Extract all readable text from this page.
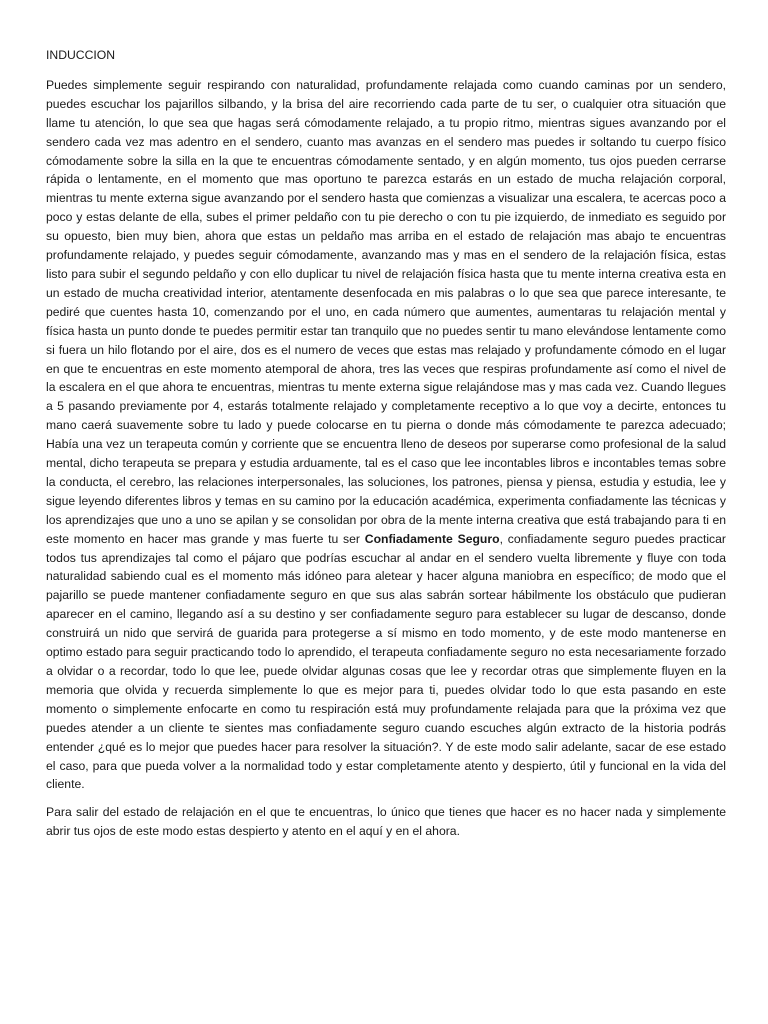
INDUCCION

Puedes simplemente seguir respirando con naturalidad, profundamente relajada como cuando caminas por un sendero, puedes escuchar los pajarillos silbando, y la brisa del aire recorriendo cada parte de tu ser, o cualquier otra situación que llame tu atención, lo que sea que hagas será cómodamente relajado, a tu propio ritmo, mientras sigues avanzando por el sendero cada vez mas adentro en el sendero, cuanto mas avanzas en el sendero mas puedes ir soltando tu cuerpo físico cómodamente sobre la silla en la que te encuentras cómodamente sentado, y en algún momento, tus ojos pueden cerrarse rápida o lentamente, en el momento que mas oportuno te parezca estarás en un estado de mucha relajación corporal, mientras tu mente externa sigue avanzando por el sendero hasta que comienzas a visualizar una escalera, te acercas poco a poco y estas delante de ella, subes el primer peldaño con tu pie derecho o con tu pie izquierdo, de inmediato es seguido por su opuesto, bien muy bien, ahora que estas un peldaño mas arriba en el estado de relajación mas abajo te encuentras profundamente relajado, y puedes seguir cómodamente, avanzando mas y mas en el sendero de la relajación física, estas listo para subir el segundo peldaño y con ello duplicar tu nivel de relajación física hasta que tu mente interna creativa esta en un estado de mucha creatividad interior, atentamente desenfocada en mis palabras o lo que sea que parece interesante, te pediré que cuentes hasta 10, comenzando por el uno, en cada número que aumentes, aumentaras tu relajación mental y física hasta un punto donde te puedes permitir estar tan tranquilo que no puedes sentir tu mano elevándose lentamente como si fuera un hilo flotando por el aire, dos es el numero de veces que estas mas relajado y profundamente cómodo en el lugar en que te encuentras en este momento atemporal de ahora, tres las veces que respiras profundamente así como el nivel de la escalera en el que ahora te encuentras, mientras tu mente externa sigue relajándose mas y mas cada vez. Cuando llegues a 5 pasando previamente por 4, estarás totalmente relajado y completamente receptivo a lo que voy a decirte, entonces tu mano caerá suavemente sobre tu lado y puede colocarse en tu pierna o donde más cómodamente te parezca adecuado; Había una vez un terapeuta común y corriente que se encuentra lleno de deseos por superarse como profesional de la salud mental, dicho terapeuta se prepara y estudia arduamente, tal es el caso que lee incontables libros e incontables temas sobre la conducta, el cerebro, las relaciones interpersonales, las soluciones, los patrones, piensa y piensa, estudia y estudia, lee y sigue leyendo diferentes libros y temas en su camino por la educación académica, experimenta confiadamente las técnicas y los aprendizajes que uno a uno se apilan y se consolidan por obra de la mente interna creativa que está trabajando para ti en este momento en hacer mas grande y mas fuerte tu ser Confiadamente Seguro, confiadamente seguro puedes practicar todos tus aprendizajes tal como el pájaro que podrías escuchar al andar en el sendero vuelta libremente y fluye con toda naturalidad sabiendo cual es el momento más idóneo para aletear y hacer alguna maniobra en específico; de modo que el pajarillo se puede mantener confiadamente seguro en que sus alas sabrán sortear hábilmente los obstáculo que pudieran aparecer en el camino, llegando así a su destino y ser confiadamente seguro para establecer su lugar de descanso, donde construirá un nido que servirá de guarida para protegerse a sí mismo en todo momento, y de este modo mantenerse en optimo estado para seguir practicando todo lo aprendido, el terapeuta confiadamente seguro no esta necesariamente forzado a olvidar o a recordar, todo lo que lee, puede olvidar algunas cosas que lee y recordar otras que simplemente fluyen en la memoria que olvida y recuerda simplemente lo que es mejor para ti, puedes olvidar todo lo que esta pasando en este momento o simplemente enfocarte en como tu respiración está muy profundamente relajada para que la próxima vez que puedes atender a un cliente te sientes mas confiadamente seguro cuando escuches algún extracto de la historia podrás entender ¿qué es lo mejor que puedes hacer para resolver la situación?. Y de este modo salir adelante, sacar de ese estado el caso, para que pueda volver a la normalidad todo y estar completamente atento y despierto, útil y funcional en la vida del cliente.

Para salir del estado de relajación en el que te encuentras, lo único que tienes que hacer es no hacer nada y simplemente abrir tus ojos de este modo estas despierto y atento en el aquí y en el ahora.
